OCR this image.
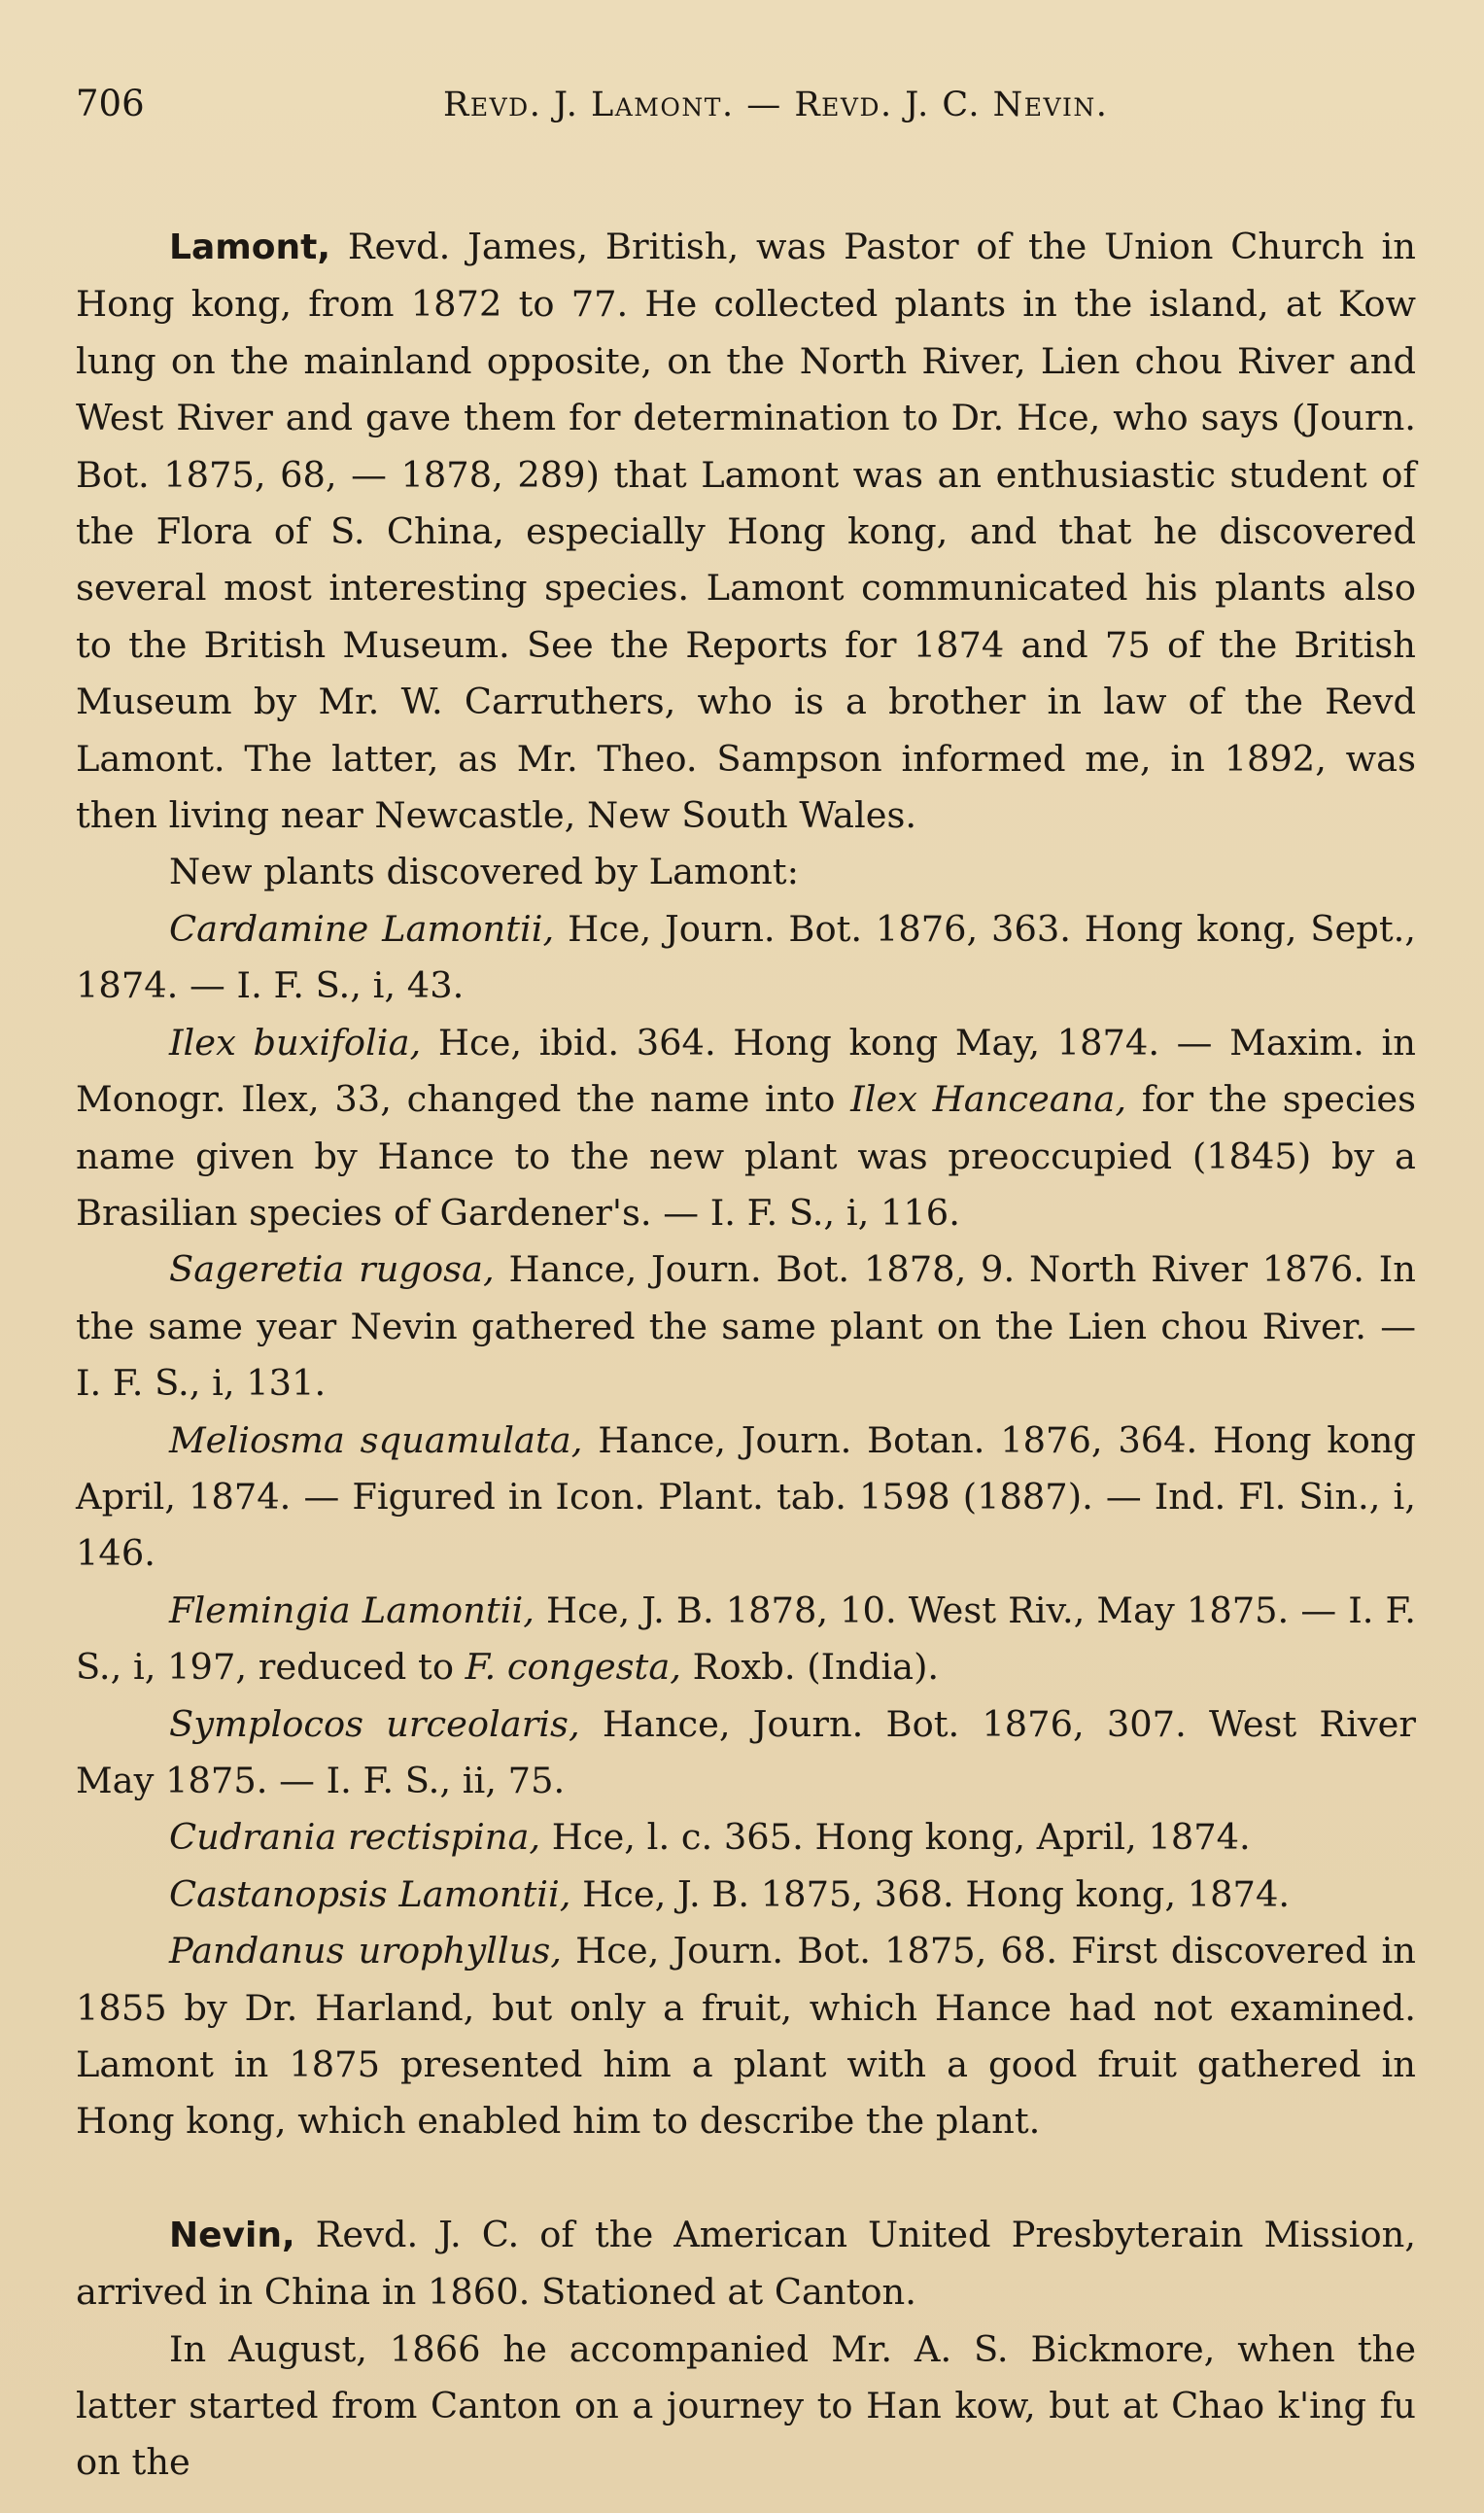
706	Revd. J. Lamont. — Revd. J. C. Nevin.

Lamont, Revd. James, British, was Pastor of the Union Church in Hong kong, from 1872 to 77. He collected plants in the island, at Kow lung on the mainland opposite, on the North River, Lien chou River and West River and gave them for determination to Dr. Hce, who says (Journ. Bot. 1875, 68, — 1878, 289) that Lamont was an enthusiastic student of the Flora of S. China, especially Hong kong, and that he discovered several most interesting species. Lamont communicated his plants also to the British Museum. See the Reports for 1874 and 75 of the British Museum by Mr. W. Carruthers, who is a brother in law of the Revd Lamont. The latter, as Mr. Theo. Sampson informed me, in 1892, was then living near Newcastle, New South Wales.

New plants discovered by Lamont:

Cardamine Lamontii, Hce, Journ. Bot. 1876, 363. Hong kong, Sept., 1874. — I. F. S., i, 43.

Ilex buxifolia, Hce, ibid. 364. Hong kong May, 1874. — Maxim. in Monogr. Ilex, 33, changed the name into Ilex Hanceana, for the species name given by Hance to the new plant was preoccupied (1845) by a Brasilian species of Gardener's. — I. F. S., i, 116.

Sageretia rugosa, Hance, Journ. Bot. 1878, 9. North River 1876. In the same year Nevin gathered the same plant on the Lien chou River. — I. F. S., i, 131.

Meliosma squamulata, Hance, Journ. Botan. 1876, 364. Hong kong April, 1874. — Figured in Icon. Plant. tab. 1598 (1887). — Ind. Fl. Sin., i, 146.

Flemingia Lamontii, Hce, J. B. 1878, 10. West Riv., May 1875. — I. F. S., i, 197, reduced to F. congesta, Roxb. (India).

Symplocos urceolaris, Hance, Journ. Bot. 1876, 307. West River May 1875. — I. F. S., ii, 75.

Cudrania rectispina, Hce, l. c. 365. Hong kong, April, 1874.

Castanopsis Lamontii, Hce, J. B. 1875, 368. Hong kong, 1874.

Pandanus urophyllus, Hce, Journ. Bot. 1875, 68. First discovered in 1855 by Dr. Harland, but only a fruit, which Hance had not examined. Lamont in 1875 presented him a plant with a good fruit gathered in Hong kong, which enabled him to describe the plant.

Nevin, Revd. J. C. of the American United Presbyterain Mission, arrived in China in 1860. Stationed at Canton.

In August, 1866 he accompanied Mr. A. S. Bickmore, when the latter started from Canton on a journey to Han kow, but at Chao k'ing fu on the
